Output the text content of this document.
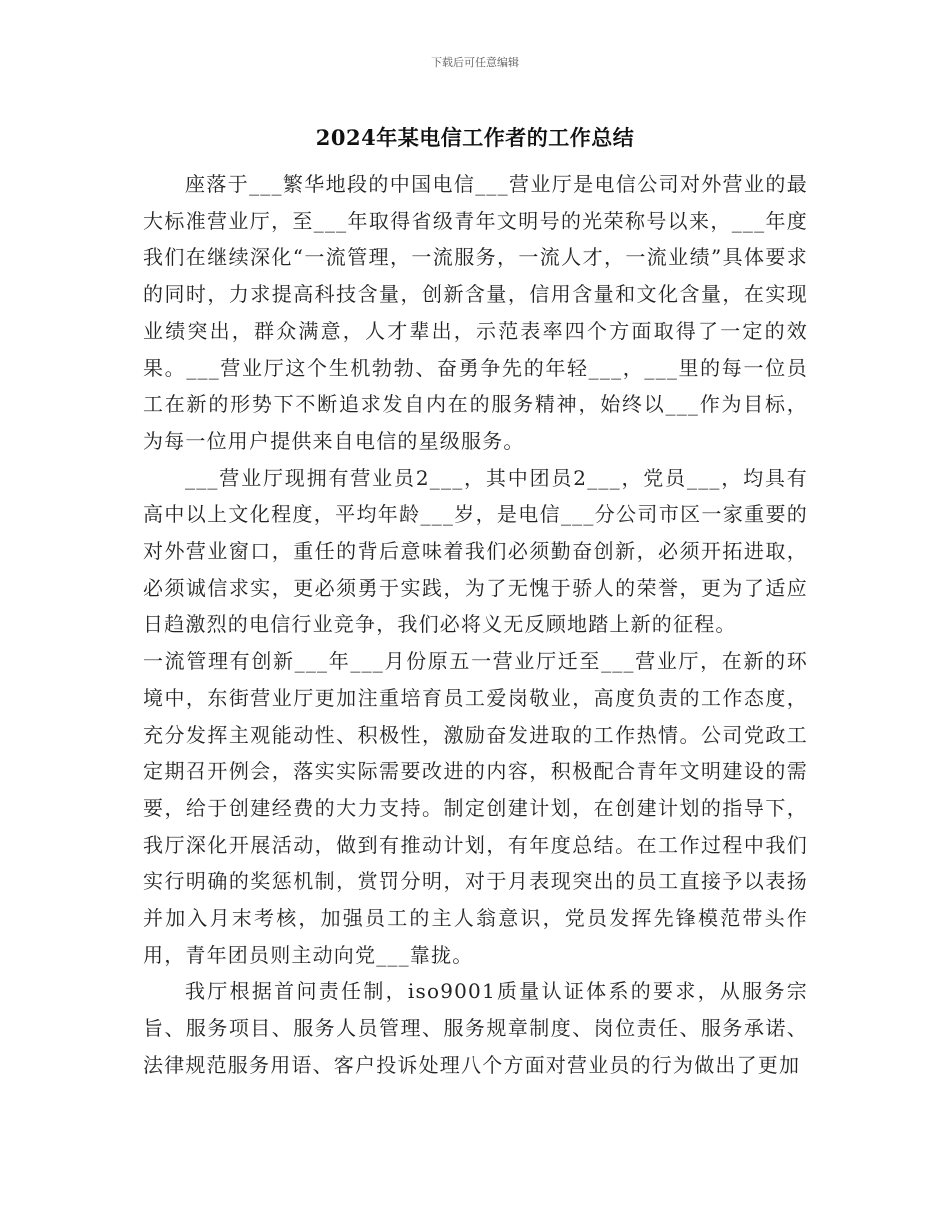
下载后可任意编辑
2024年某电信工作者的工作总结

座落于___繁华地段的中国电信___营业厅是电信公司对外营业的最大标准营业厅，至___年取得省级青年文明号的光荣称号以来，___年度我们在继续深化“一流管理，一流服务，一流人才，一流业绩”具体要求的同时，力求提高科技含量，创新含量，信用含量和文化含量，在实现业绩突出，群众满意，人才辈出，示范表率四个方面取得了一定的效果。___营业厅这个生机勃勃、奋勇争先的年轻___，___里的每一位员工在新的形势下不断追求发自内在的服务精神，始终以___作为目标，为每一位用户提供来自电信的星级服务。

___营业厅现拥有营业员2___，其中团员2___，党员___，均具有高中以上文化程度，平均年龄___岁，是电信___分公司市区一家重要的对外营业窗口，重任的背后意味着我们必须勤奋创新，必须开拓进取，必须诚信求实，更必须勇于实践，为了无愧于骄人的荣誉，更为了适应日趋激烈的电信行业竞争，我们必将义无反顾地踏上新的征程。

一流管理有创新___年___月份原五一营业厅迁至___营业厅，在新的环境中，东街营业厅更加注重培育员工爱岗敬业，高度负责的工作态度，充分发挥主观能动性、积极性，激励奋发进取的工作热情。公司党政工定期召开例会，落实实际需要改进的内容，积极配合青年文明建设的需要，给于创建经费的大力支持。制定创建计划，在创建计划的指导下，我厅深化开展活动，做到有推动计划，有年度总结。在工作过程中我们实行明确的奖惩机制，赏罚分明，对于月表现突出的员工直接予以表扬并加入月末考核，加强员工的主人翁意识，党员发挥先锋模范带头作用，青年团员则主动向党___靠拢。

我厅根据首问责任制，iso9001质量认证体系的要求，从服务宗旨、服务项目、服务人员管理、服务规章制度、岗位责任、服务承诺、法律规范服务用语、客户投诉处理八个方面对营业员的行为做出了更加
